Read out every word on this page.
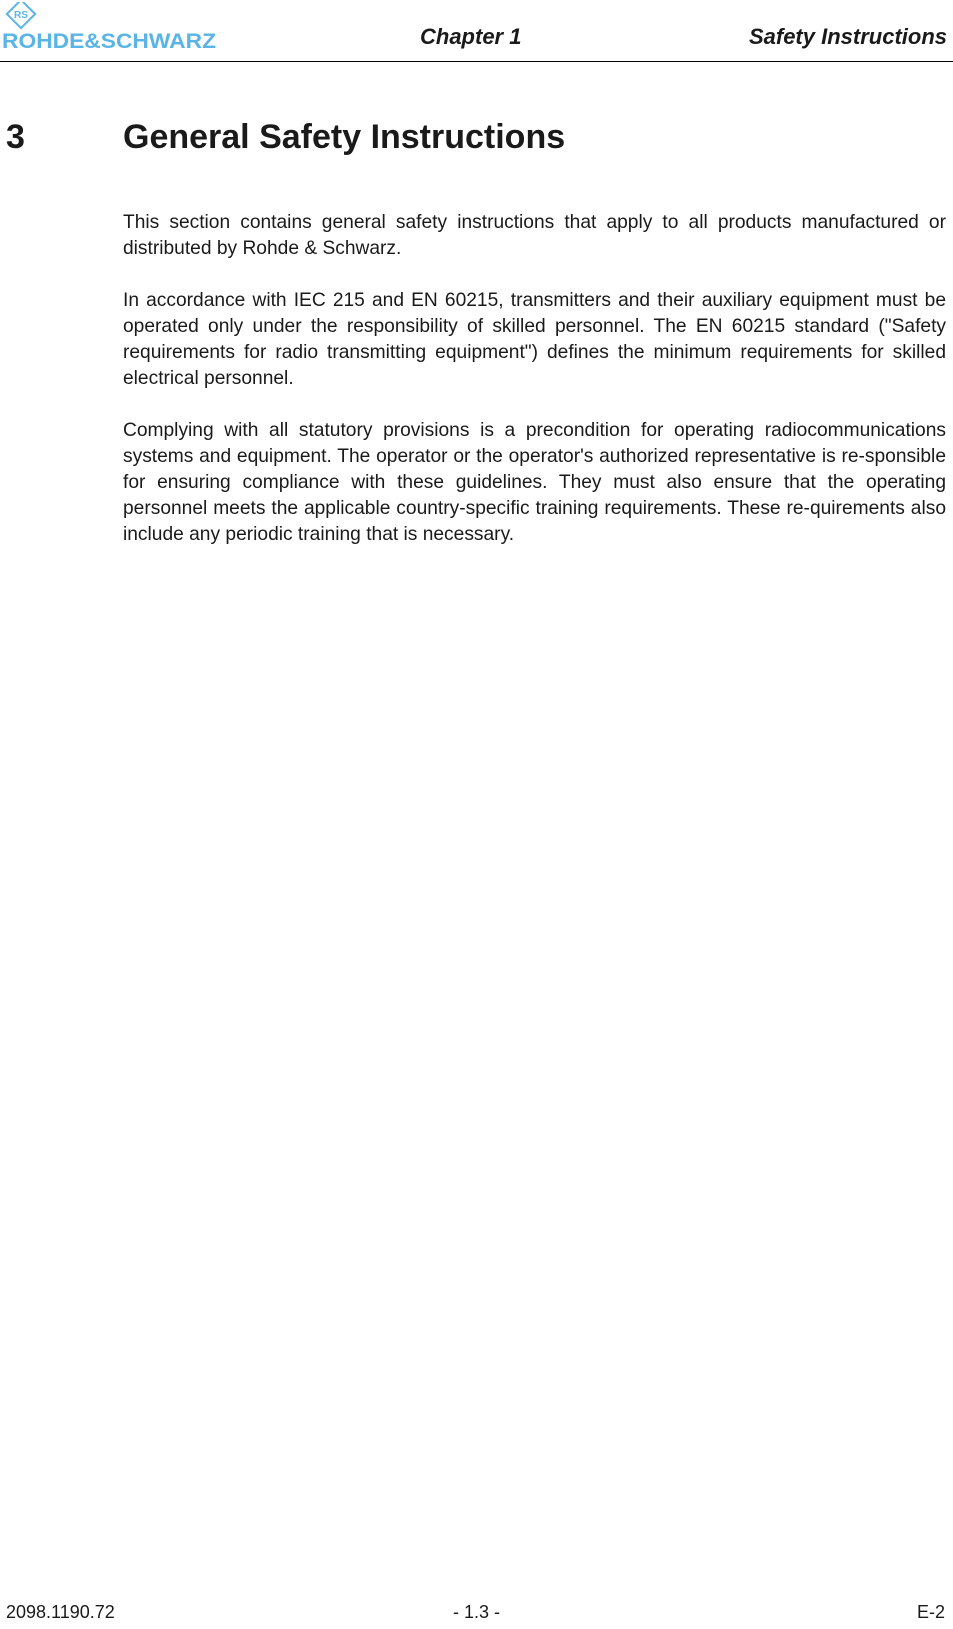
RS
ROHDE&SCHWARZ	Chapter 1	Safety Instructions
3	General Safety Instructions

This section contains general safety instructions that apply to all products manufactured or distributed by Rohde & Schwarz.

In accordance with IEC 215 and EN 60215, transmitters and their auxiliary equipment must be operated only under the responsibility of skilled personnel. The EN 60215 standard ("Safety requirements for radio transmitting equipment") defines the minimum requirements for skilled electrical personnel.

Complying with all statutory provisions is a precondition for operating radiocommunications systems and equipment. The operator or the operator's authorized representative is re-sponsible for ensuring compliance with these guidelines. They must also ensure that the operating personnel meets the applicable country-specific training requirements. These re-quirements also include any periodic training that is necessary.

2098.1190.72	- 1.3 -	E-2
